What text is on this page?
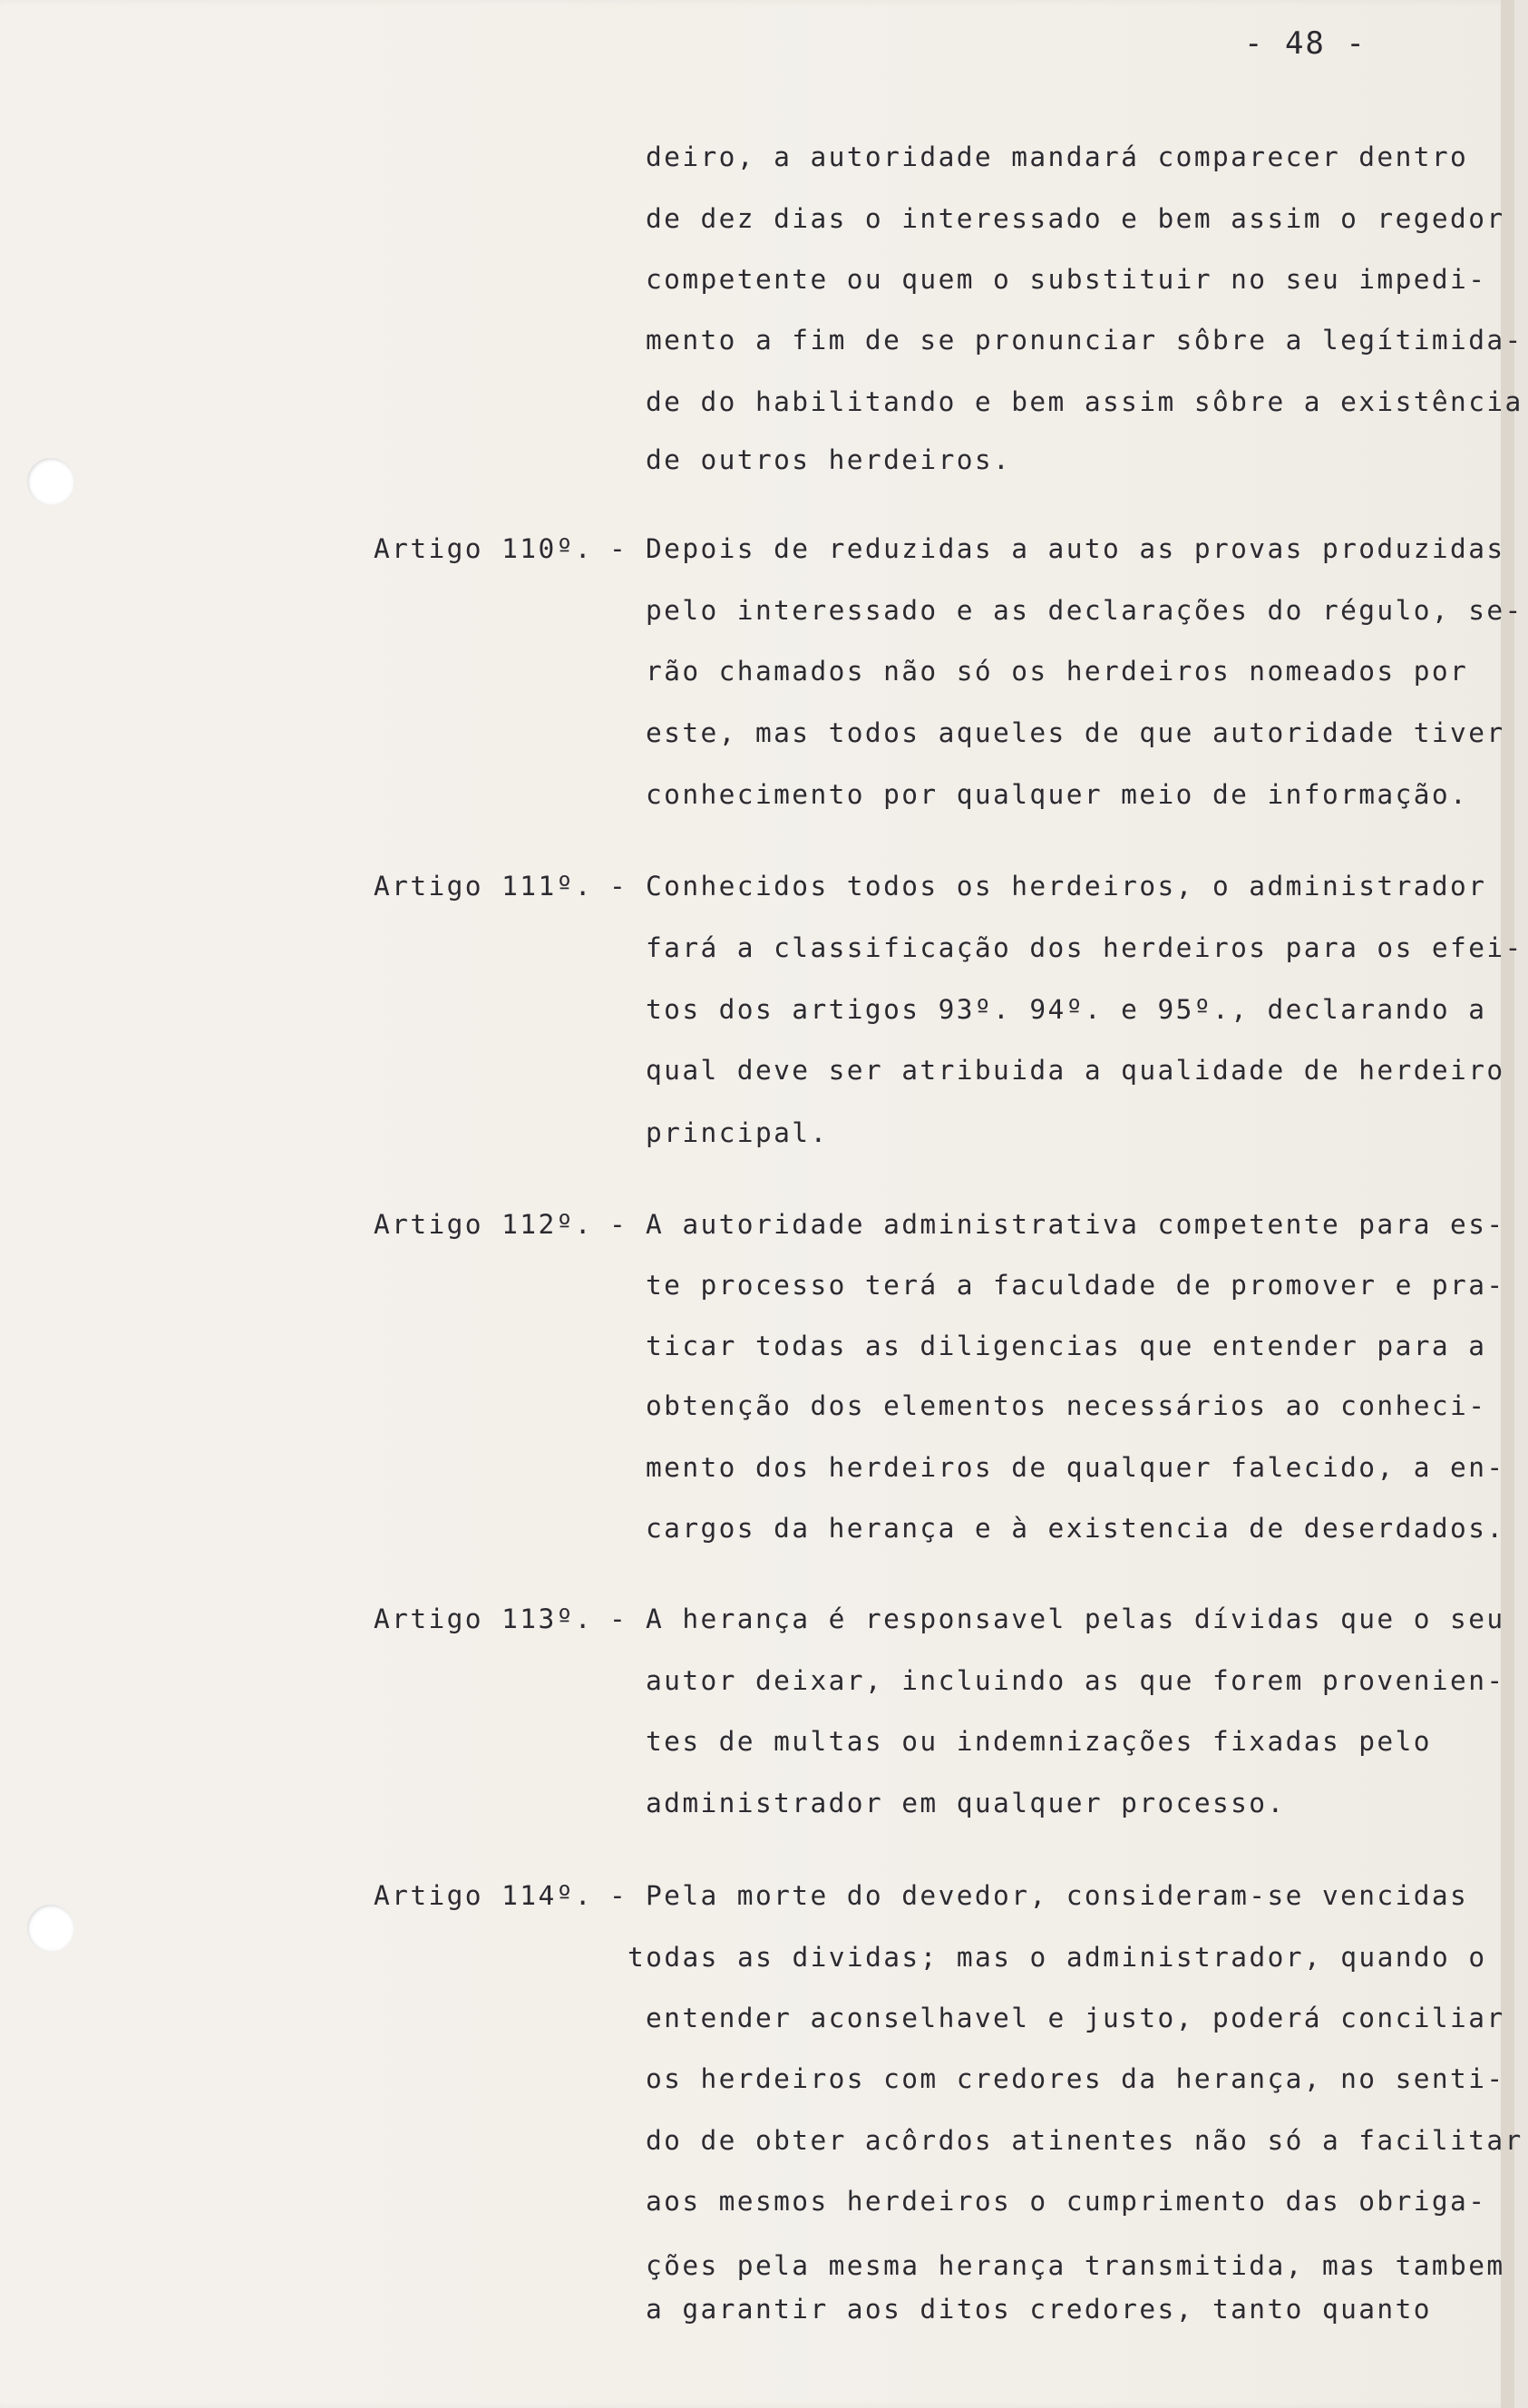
- 48 -
deiro, a autoridade mandará comparecer dentro
de dez dias o interessado e bem assim o regedor
competente ou quem o substituir no seu impedi-
mento a fim de se pronunciar sôbre a legítimida-
de do habilitando e bem assim sôbre a existência
de outros herdeiros.
Artigo 110º. - Depois de reduzidas a auto as provas produzidas
pelo interessado e as declarações do régulo, se-
rão chamados não só os herdeiros nomeados por
este, mas todos aqueles de que autoridade tiver
conhecimento por qualquer meio de informação.
Artigo 111º. - Conhecidos todos os herdeiros, o administrador
fará a classificação dos herdeiros para os efei-
tos dos artigos 93º. 94º. e 95º., declarando a
qual deve ser atribuida a qualidade de herdeiro
principal.
Artigo 112º. - A autoridade administrativa competente para es-
te processo terá a faculdade de promover e pra-
ticar todas as diligencias que entender para a
obtenção dos elementos necessários ao conheci-
mento dos herdeiros de qualquer falecido, a en-
cargos da herança e à existencia de deserdados.
Artigo 113º. - A herança é responsavel pelas dívidas que o seu
autor deixar, incluindo as que forem provenien-
tes de multas ou indemnizações fixadas pelo
administrador em qualquer processo.
Artigo 114º. - Pela morte do devedor, consideram-se vencidas
todas as dividas; mas o administrador, quando o
entender aconselhavel e justo, poderá conciliar
os herdeiros com credores da herança, no senti-
do de obter acôrdos atinentes não só a facilitar
aos mesmos herdeiros o cumprimento das obriga-
ções pela mesma herança transmitida, mas tambem
a garantir aos ditos credores, tanto quanto
